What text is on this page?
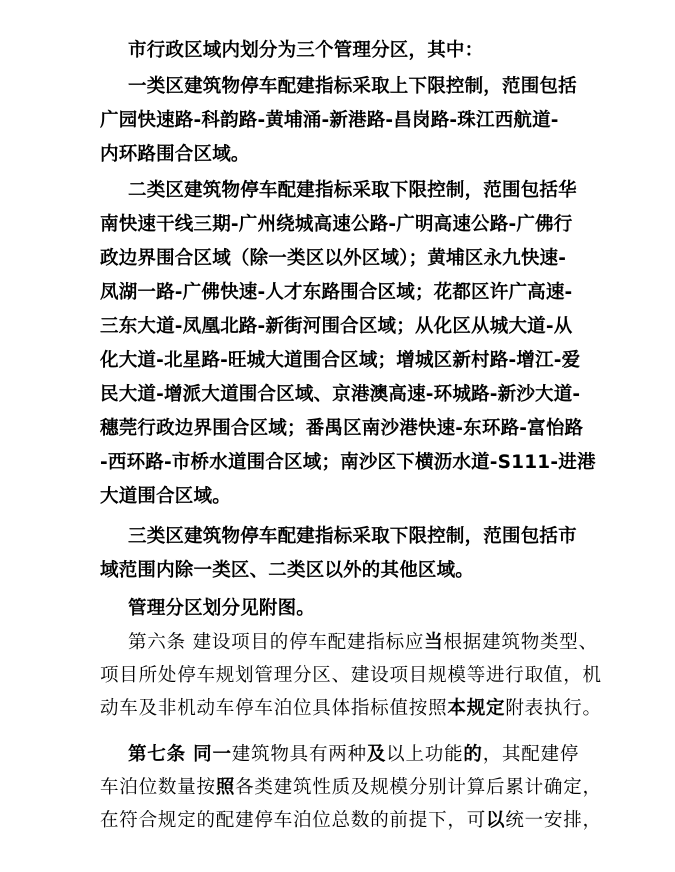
市行政区域内划分为三个管理分区，其中：
一类区建筑物停车配建指标采取上下限控制，范围包括
广园快速路-科韵路-黄埔涌-新港路-昌岗路-珠江西航道-
内环路围合区域。
二类区建筑物停车配建指标采取下限控制，范围包括华
南快速干线三期-广州绕城高速公路-广明高速公路-广佛行
政边界围合区域（除一类区以外区域）；黄埔区永九快速-
凤湖一路-广佛快速-人才东路围合区域；花都区许广高速-
三东大道-凤凰北路-新街河围合区域；从化区从城大道-从
化大道-北星路-旺城大道围合区域；增城区新村路-增江-爱
民大道-增派大道围合区域、京港澳高速-环城路-新沙大道-
穗莞行政边界围合区域；番禺区南沙港快速-东环路-富怡路
-西环路-市桥水道围合区域；南沙区下横沥水道-S111-进港
大道围合区域。
三类区建筑物停车配建指标采取下限控制，范围包括市
域范围内除一类区、二类区以外的其他区域。
管理分区划分见附图。
第六条 建设项目的停车配建指标应当根据建筑物类型、
项目所处停车规划管理分区、建设项目规模等进行取值，机
动车及非机动车停车泊位具体指标值按照本规定附表执行。
第七条 同一建筑物具有两种及以上功能的，其配建停
车泊位数量按照各类建筑性质及规模分别计算后累计确定，
在符合规定的配建停车泊位总数的前提下，可以统一安排，
